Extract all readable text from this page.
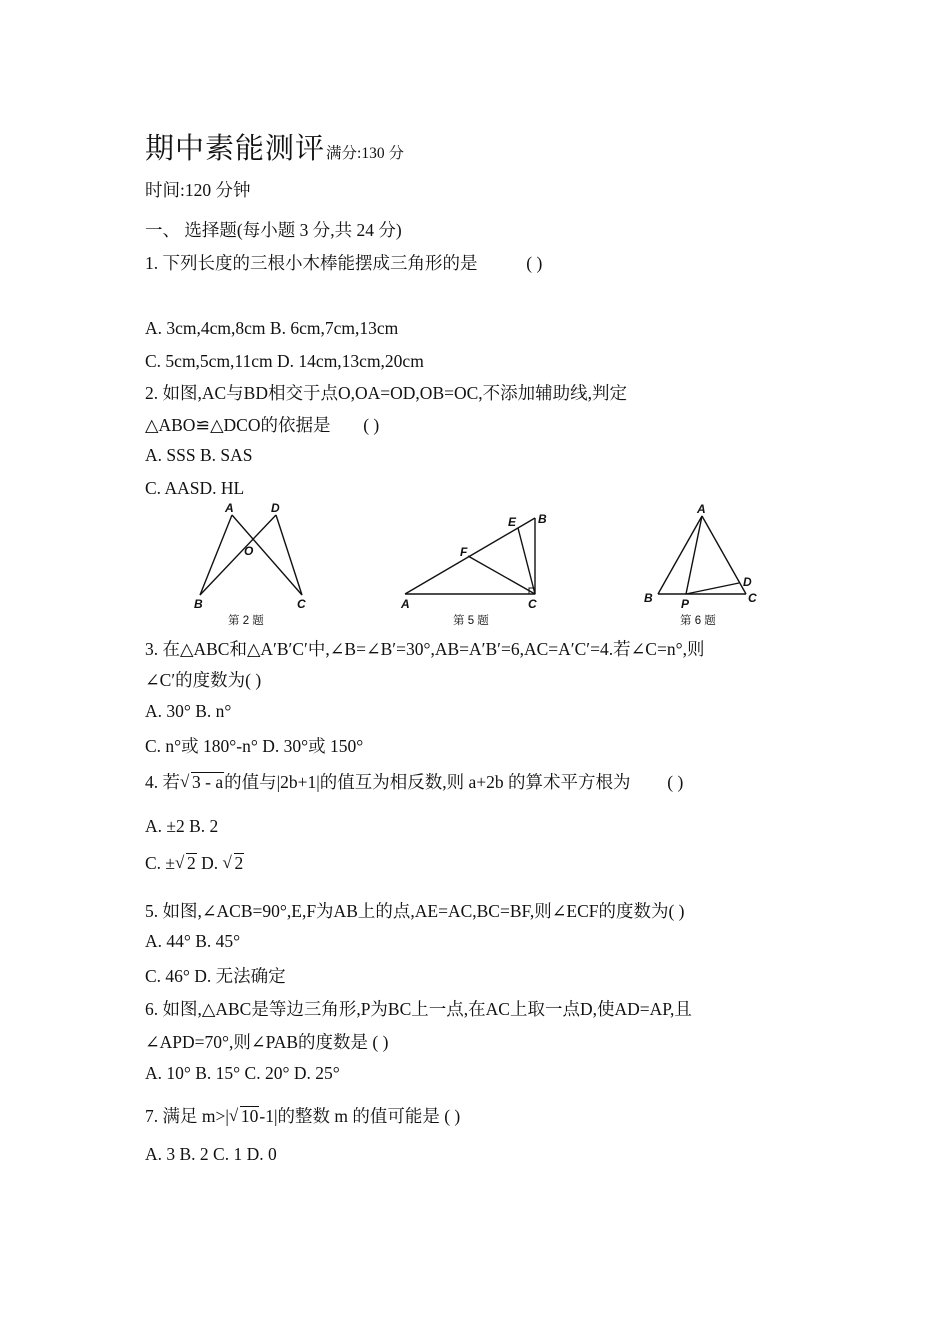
期中素能测评满分:130 分
时间:120 分钟
一、 选择题(每小题 3 分,共 24 分)
1. 下列长度的三根小木棒能摆成三角形的是	( )
A. 3cm,4cm,8cm B. 6cm,7cm,13cm
C. 5cm,5cm,11cm D. 14cm,13cm,20cm
2. 如图,AC与BD相交于点O,OA=OD,OB=OC,不添加辅助线,判定
△ABO≌△DCO的依据是 ( )
A. SSS B. SAS
C. AASD. HL
A	D
O
B	C
第 2 题
E B
F
A	C
第 5 题
A
D
B P	C
第 6 题
3. 在△ABC和△A′B′C′中,∠B=∠B′=30°,AB=A′B′=6,AC=A′C′=4.若∠C=n°,则
∠C′的度数为( )
A. 30° B. n°
C. n°或 180°-n° D. 30°或 150°
4. 若 √ 3 - a的值与|2b+1|的值互为相反数,则 a+2b 的算术平方根为 ( )
A. ±2 B. 2
C. ± √ 2 D. √ 2
5. 如图,∠ACB=90°,E,F为AB上的点,AE=AC,BC=BF,则∠ECF的度数为( )
A. 44° B. 45°
C. 46° D. 无法确定
6. 如图,△ABC是等边三角形,P为BC上一点,在AC上取一点D,使AD=AP,且
∠APD=70°,则∠PAB的度数是 ( )
A. 10° B. 15° C. 20° D. 25°
7. 满足 m>| √ 10-1|的整数 m 的值可能是 ( )
A. 3 B. 2 C. 1 D. 0
